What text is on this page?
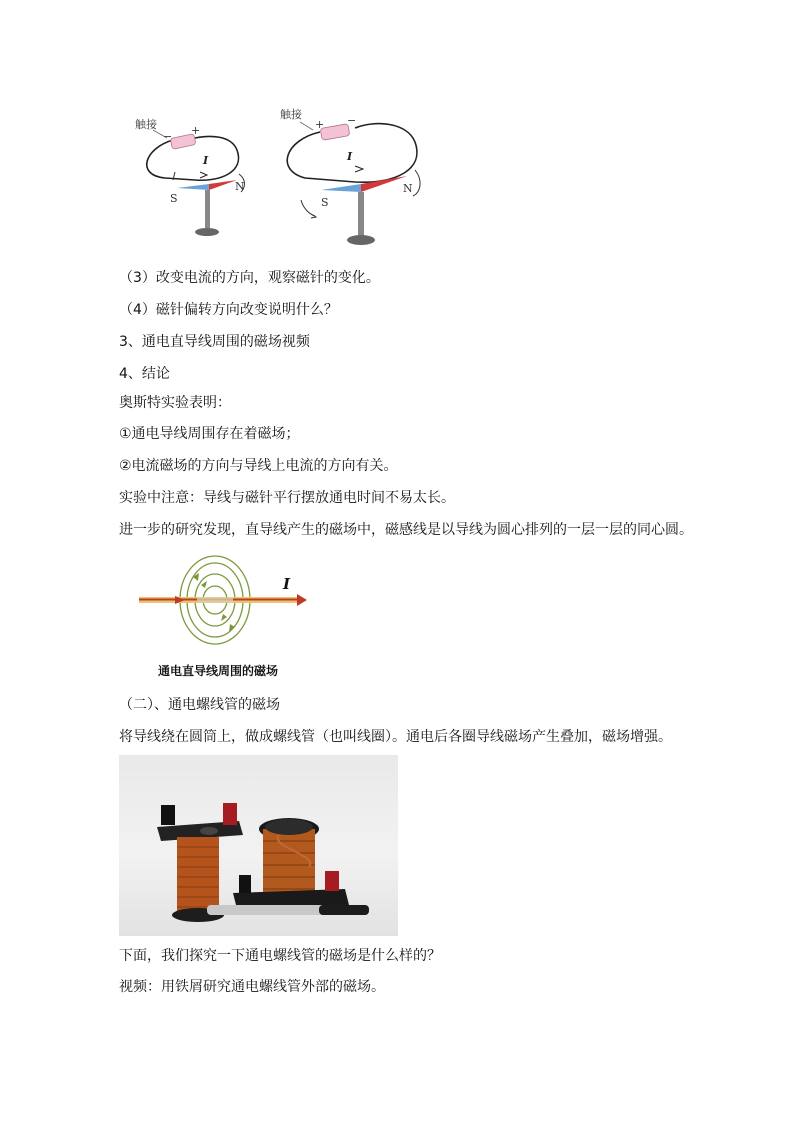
触接
− +
I
S
N
触接
+ −
I
S
N
（3）改变电流的方向，观察磁针的变化。
（4）磁针偏转方向改变说明什么？
3、通电直导线周围的磁场视频
4、结论
奥斯特实验表明：
①通电导线周围存在着磁场；
②电流磁场的方向与导线上电流的方向有关。
实验中注意：导线与磁针平行摆放通电时间不易太长。
进一步的研究发现，直导线产生的磁场中，磁感线是以导线为圆心排列的一层一层的同心圆。
I
通电直导线周围的磁场
（二）、通电螺线管的磁场
将导线绕在圆筒上，做成螺线管（也叫线圈）。通电后各圈导线磁场产生叠加，磁场增强。
下面，我们探究一下通电螺线管的磁场是什么样的？
视频：用铁屑研究通电螺线管外部的磁场。
